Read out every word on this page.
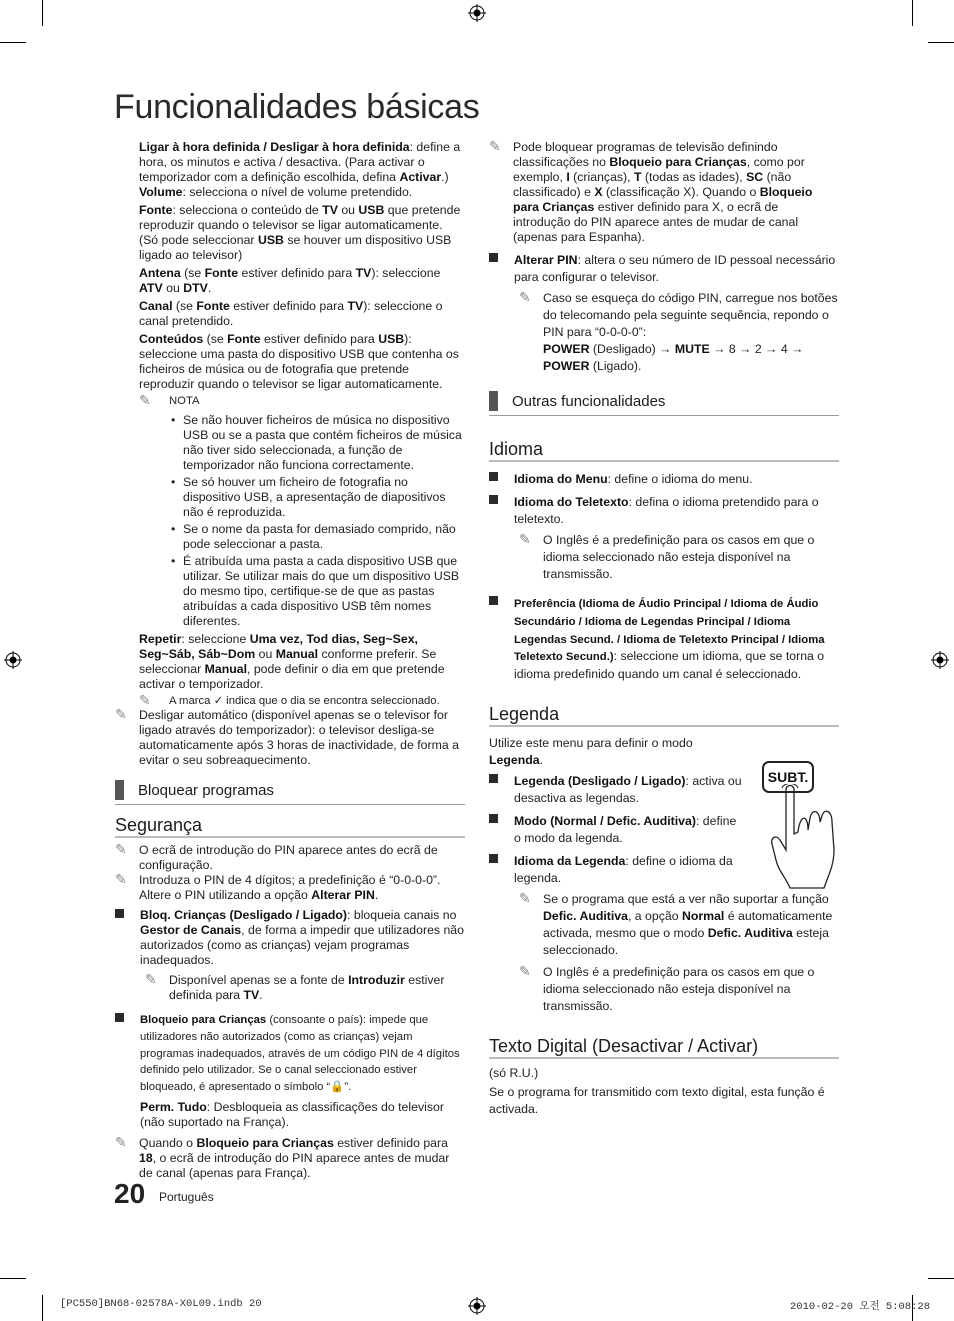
Funcionalidades básicas

Ligar à hora definida / Desligar à hora definida: define a hora, os minutos e activa / desactiva. (Para activar o temporizador com a definição escolhida, defina Activar.)

Volume: selecciona o nível de volume pretendido.

Fonte: selecciona o conteúdo de TV ou USB que pretende reproduzir quando o televisor se ligar automaticamente. (Só pode seleccionar USB se houver um dispositivo USB ligado ao televisor)

Antena (se Fonte estiver definido para TV): seleccione ATV ou DTV.

Canal (se Fonte estiver definido para TV): seleccione o canal pretendido.

Conteúdos (se Fonte estiver definido para USB): seleccione uma pasta do dispositivo USB que contenha os ficheiros de música ou de fotografia que pretende reproduzir quando o televisor se ligar automaticamente.

✎ NOTA
• Se não houver ficheiros de música no dispositivo USB ou se a pasta que contém ficheiros de música não tiver sido seleccionada, a função de temporizador não funciona correctamente.
• Se só houver um ficheiro de fotografia no dispositivo USB, a apresentação de diapositivos não é reproduzida.
• Se o nome da pasta for demasiado comprido, não pode seleccionar a pasta.
• É atribuída uma pasta a cada dispositivo USB que utilizar. Se utilizar mais do que um dispositivo USB do mesmo tipo, certifique-se de que as pastas atribuídas a cada dispositivo USB têm nomes diferentes.

Repetir: seleccione Uma vez, Tod dias, Seg~Sex, Seg~Sáb, Sáb~Dom ou Manual conforme preferir. Se seleccionar Manual, pode definir o dia em que pretende activar o temporizador.

✎ A marca ✓ indica que o dia se encontra seleccionado.
✎ Desligar automático (disponível apenas se o televisor for ligado através do temporizador): o televisor desliga-se automaticamente após 3 horas de inactividade, de forma a evitar o seu sobreaquecimento.
Bloquear programas
Segurança
✎ O ecrã de introdução do PIN aparece antes do ecrã de configuração.
✎ Introduza o PIN de 4 dígitos; a predefinição é “0-0-0-0”. Altere o PIN utilizando a opção Alterar PIN.
Bloq. Crianças (Desligado / Ligado): bloqueia canais no Gestor de Canais, de forma a impedir que utilizadores não autorizados (como as crianças) vejam programas inadequados.
✎ Disponível apenas se a fonte de Introduzir estiver definida para TV.
Bloqueio para Crianças (consoante o país): impede que utilizadores não autorizados (como as crianças) vejam programas inadequados, através de um código PIN de 4 dígitos definido pelo utilizador. Se o canal seleccionado estiver bloqueado, é apresentado o símbolo “🔒”.

Perm. Tudo: Desbloqueia as classificações do televisor (não suportado na França).

✎ Quando o Bloqueio para Crianças estiver definido para 18, o ecrã de introdução do PIN aparece antes de mudar de canal (apenas para França).
✎ Pode bloquear programas de televisão definindo classificações no Bloqueio para Crianças, como por exemplo, I (crianças), T (todas as idades), SC (não classificado) e X (classificação X). Quando o Bloqueio para Crianças estiver definido para X, o ecrã de introdução do PIN aparece antes de mudar de canal (apenas para Espanha).
Alterar PIN: altera o seu número de ID pessoal necessário para configurar o televisor.
✎ Caso se esqueça do código PIN, carregue nos botões do telecomando pela seguinte sequência, repondo o PIN para “0-0-0-0”:
POWER (Desligado) → MUTE → 8 → 2 → 4 → POWER (Ligado).
Outras funcionalidades
Idioma
Idioma do Menu: define o idioma do menu.
Idioma do Teletexto: defina o idioma pretendido para o teletexto.
✎ O Inglês é a predefinição para os casos em que o idioma seleccionado não esteja disponível na transmissão.
Preferência (Idioma de Áudio Principal / Idioma de Áudio Secundário / Idioma de Legendas Principal / Idioma Legendas Secund. / Idioma de Teletexto Principal / Idioma Teletexto Secund.): seleccione um idioma, que se torna o idioma predefinido quando um canal é seleccionado.
Legenda

Utilize este menu para definir o modo Legenda.

Legenda (Desligado / Ligado): activa ou desactiva as legendas.
Modo (Normal / Defic. Auditiva): define o modo da legenda.
Idioma da Legenda: define o idioma da legenda.
✎ Se o programa que está a ver não suportar a função Defic. Auditiva, a opção Normal é automaticamente activada, mesmo que o modo Defic. Auditiva esteja seleccionado.
✎ O Inglês é a predefinição para os casos em que o idioma seleccionado não esteja disponível na transmissão.
Texto Digital (Desactivar / Activar)

(só R.U.)

Se o programa for transmitido com texto digital, esta função é activada.

SUBT.
20 Português
[PC550]BN68-02578A-X0L09.indb 20	2010-02-20 오전 5:08:28
